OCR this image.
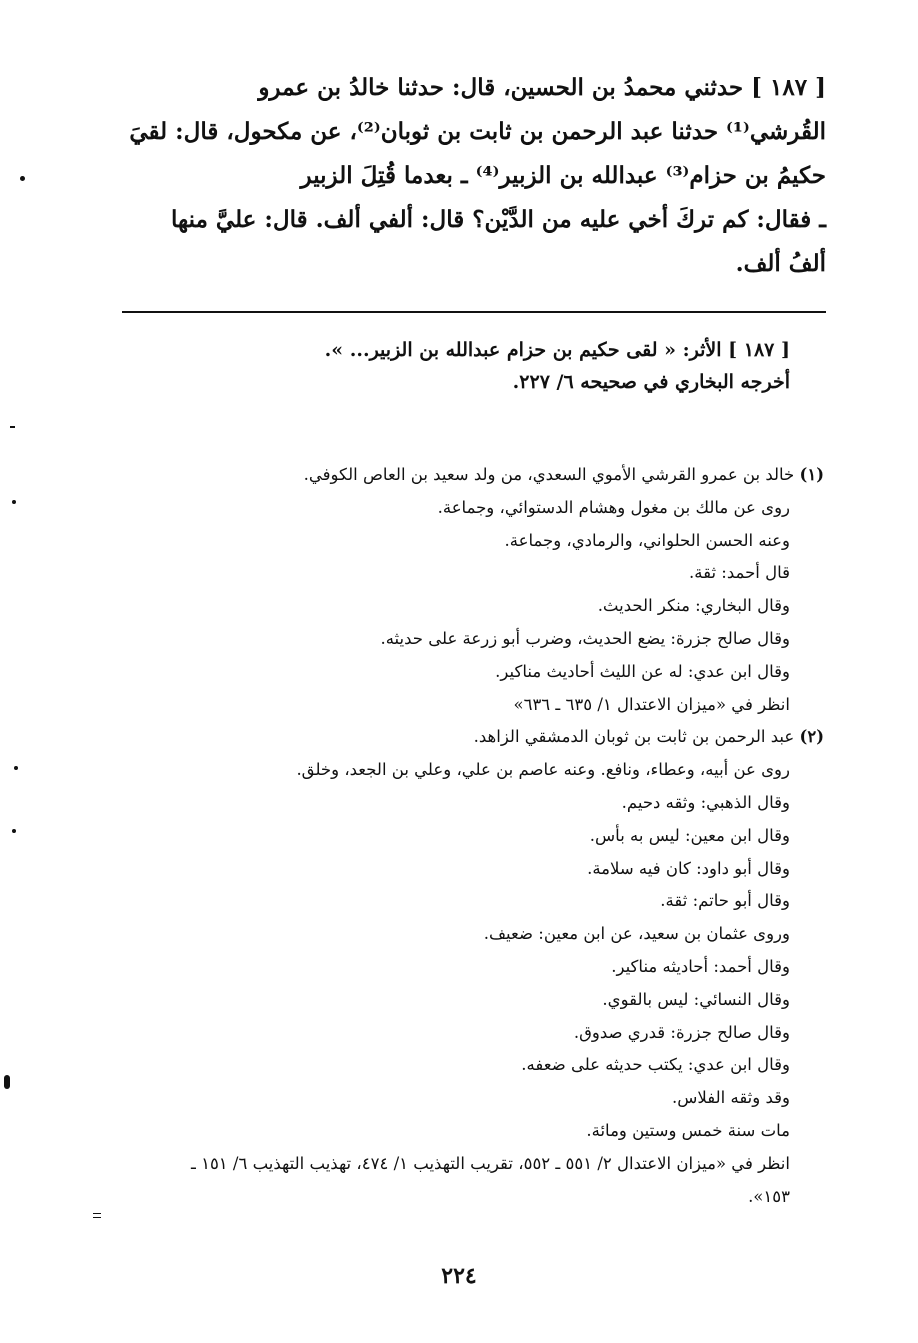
[ ١٨٧ ] حدثني محمدُ بن الحسين، قال: حدثنا خالدُ بن عمرو
القُرشي⁽¹⁾ حدثنا عبد الرحمن بن ثابت بن ثوبان⁽²⁾، عن مكحول، قال: لقيَ
حكيمُ بن حزام⁽³⁾ عبدالله بن الزبير⁽⁴⁾ ـ بعدما قُتِلَ الزبير
ـ فقال: كم تركَ أخي عليه من الدَّيْن؟ قال: ألفي ألف. قال: عليَّ منها
ألفُ ألف.
[ ١٨٧ ] الأثر: « لقى حكيم بن حزام عبدالله بن الزبير... ».
أخرجه البخاري في صحيحه ٦/ ٢٢٧.
(١) خالد بن عمرو القرشي الأموي السعدي، من ولد سعيد بن العاص الكوفي.
روى عن مالك بن مغول وهشام الدستوائي، وجماعة.
وعنه الحسن الحلواني، والرمادي، وجماعة.
قال أحمد: ثقة.
وقال البخاري: منكر الحديث.
وقال صالح جزرة: يضع الحديث، وضرب أبو زرعة على حديثه.
وقال ابن عدي: له عن الليث أحاديث مناكير.
انظر في «ميزان الاعتدال ١/ ٦٣٥ ـ ٦٣٦»
(٢) عبد الرحمن بن ثابت بن ثوبان الدمشقي الزاهد.
روى عن أبيه، وعطاء، ونافع. وعنه عاصم بن علي، وعلي بن الجعد، وخلق.
وقال الذهبي: وثقه دحيم.
وقال ابن معين: ليس به بأس.
وقال أبو داود: كان فيه سلامة.
وقال أبو حاتم: ثقة.
وروى عثمان بن سعيد، عن ابن معين: ضعيف.
وقال أحمد: أحاديثه مناكير.
وقال النسائي: ليس بالقوي.
وقال صالح جزرة: قدري صدوق.
وقال ابن عدي: يكتب حديثه على ضعفه.
وقد وثقه الفلاس.
مات سنة خمس وستين ومائة.
انظر في «ميزان الاعتدال ٢/ ٥٥١ ـ ٥٥٢، تقريب التهذيب ١/ ٤٧٤، تهذيب التهذيب ٦/ ١٥١ ـ
١٥٣».
٢٢٤
